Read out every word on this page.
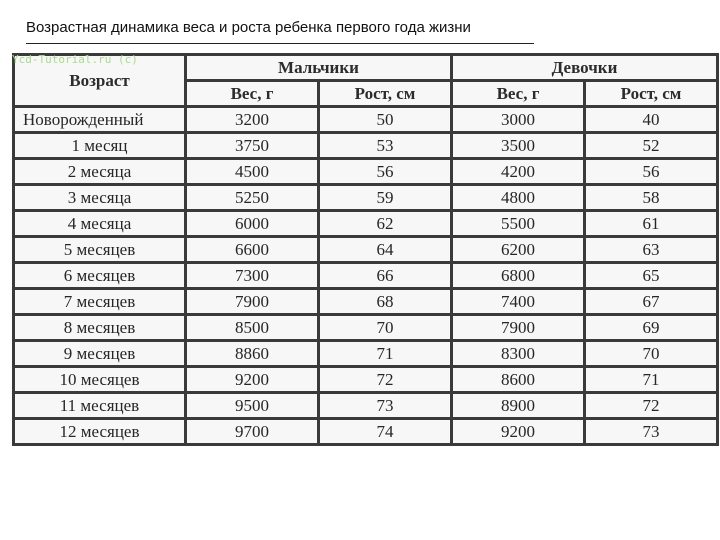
Возрастная динамика веса и роста ребенка первого года жизни
Ycd-Tutorial.ru (c)
Возраст	Мальчики		Девочки	
	Вес, г	Рост, см	Вес, г	Рост, см
Новорожденный	3200	50	3000	40
1 месяц	3750	53	3500	52
2 месяца	4500	56	4200	56
3 месяца	5250	59	4800	58
4 месяца	6000	62	5500	61
5 месяцев	6600	64	6200	63
6 месяцев	7300	66	6800	65
7 месяцев	7900	68	7400	67
8 месяцев	8500	70	7900	69
9 месяцев	8860	71	8300	70
10 месяцев	9200	72	8600	71
11 месяцев	9500	73	8900	72
12 месяцев	9700	74	9200	73
